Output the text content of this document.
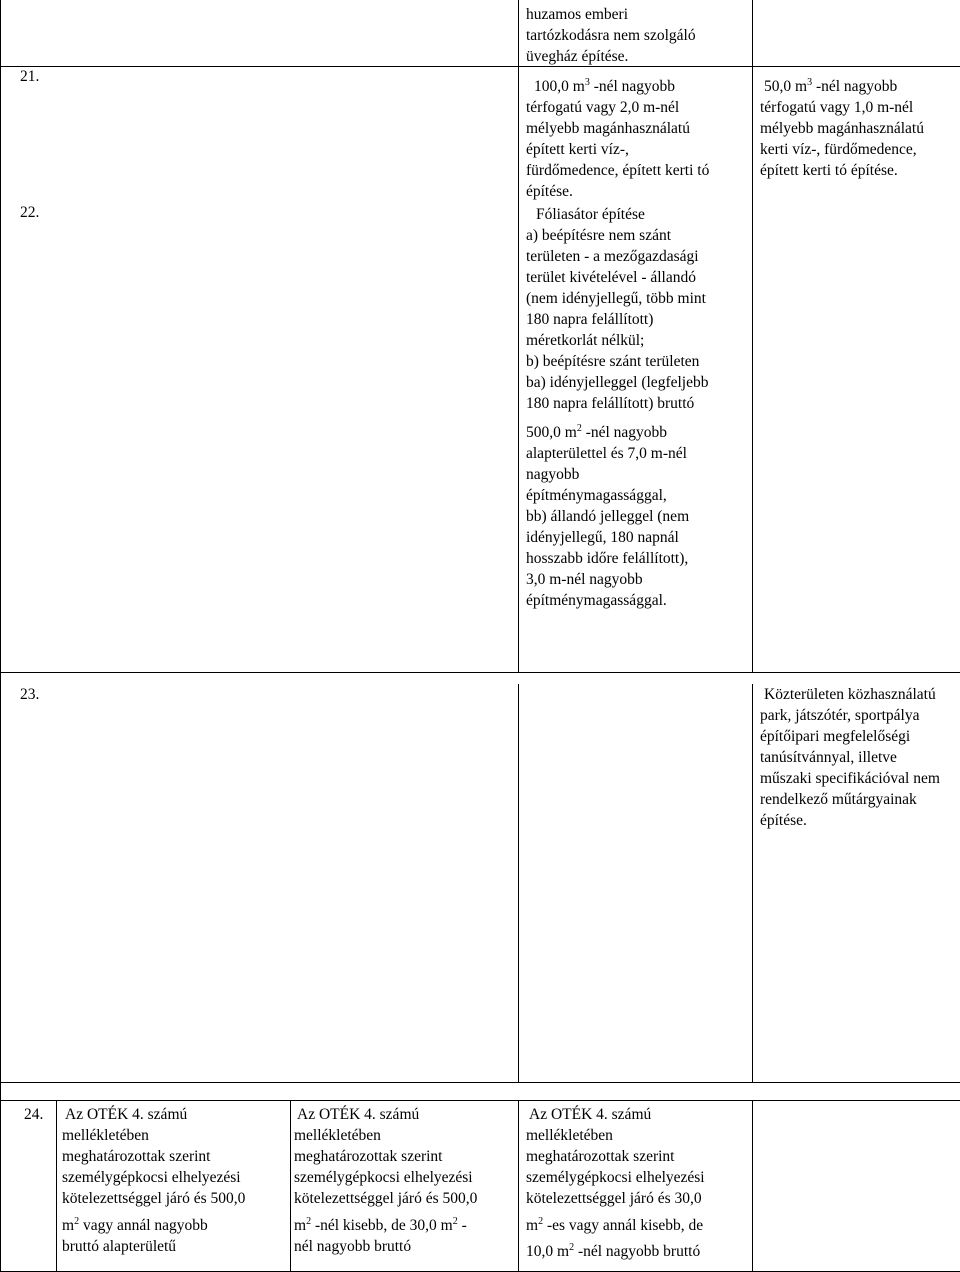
huzamos emberi
tartózkodásra nem szolgáló
üvegház építése.
21.
100,0 $m^3$ -nél nagyobb
térfogatú vagy 2,0 m-nél
mélyebb magánhasználatú
épített kerti víz-,
fürdőmedence, épített kerti tó
építése.
50,0 $m^3$ -nél nagyobb
térfogatú vagy 1,0 m-nél
mélyebb magánhasználatú
kerti víz-, fürdőmedence,
épített kerti tó építése.
22.	Fóliasátor építése
a) beépítésre nem szánt
területen - a mezőgazdasági
terület kivételével - állandó
(nem idényjellegű, több mint
180 napra felállított)
méretkorlát nélkül;
b) beépítésre szánt területen
ba) idényjelleggel (legfeljebb
180 napra felállított) bruttó
500,0 $m^2$ -nél nagyobb
alapterülettel és 7,0 m-nél
nagyobb
építménymagassággal,
bb) állandó jelleggel (nem
idényjellegű, 180 napnál
hosszabb időre felállított),
3,0 m-nél nagyobb
építménymagassággal.
23.	Közterületen közhasználatú
park, játszótér, sportpálya
építőipari megfelelőségi
tanúsítvánnyal, illetve
műszaki specifikációval nem
rendelkező műtárgyainak
építése.
24. Az OTÉK 4. számú
mellékletében
meghatározottak szerint
személygépkocsi elhelyezési
kötelezettséggel járó és 500,0
$m^2$ vagy annál nagyobb
bruttó alapterületű
Az OTÉK 4. számú
mellékletében
meghatározottak szerint
személygépkocsi elhelyezési
kötelezettséggel járó és 500,0
$m^2$ -nél kisebb, de 30,0 $m^2$ -
nél nagyobb bruttó
Az OTÉK 4. számú
mellékletében
meghatározottak szerint
személygépkocsi elhelyezési
kötelezettséggel járó és 30,0
$m^2$ -es vagy annál kisebb, de
10,0 $m^2$ -nél nagyobb bruttó
